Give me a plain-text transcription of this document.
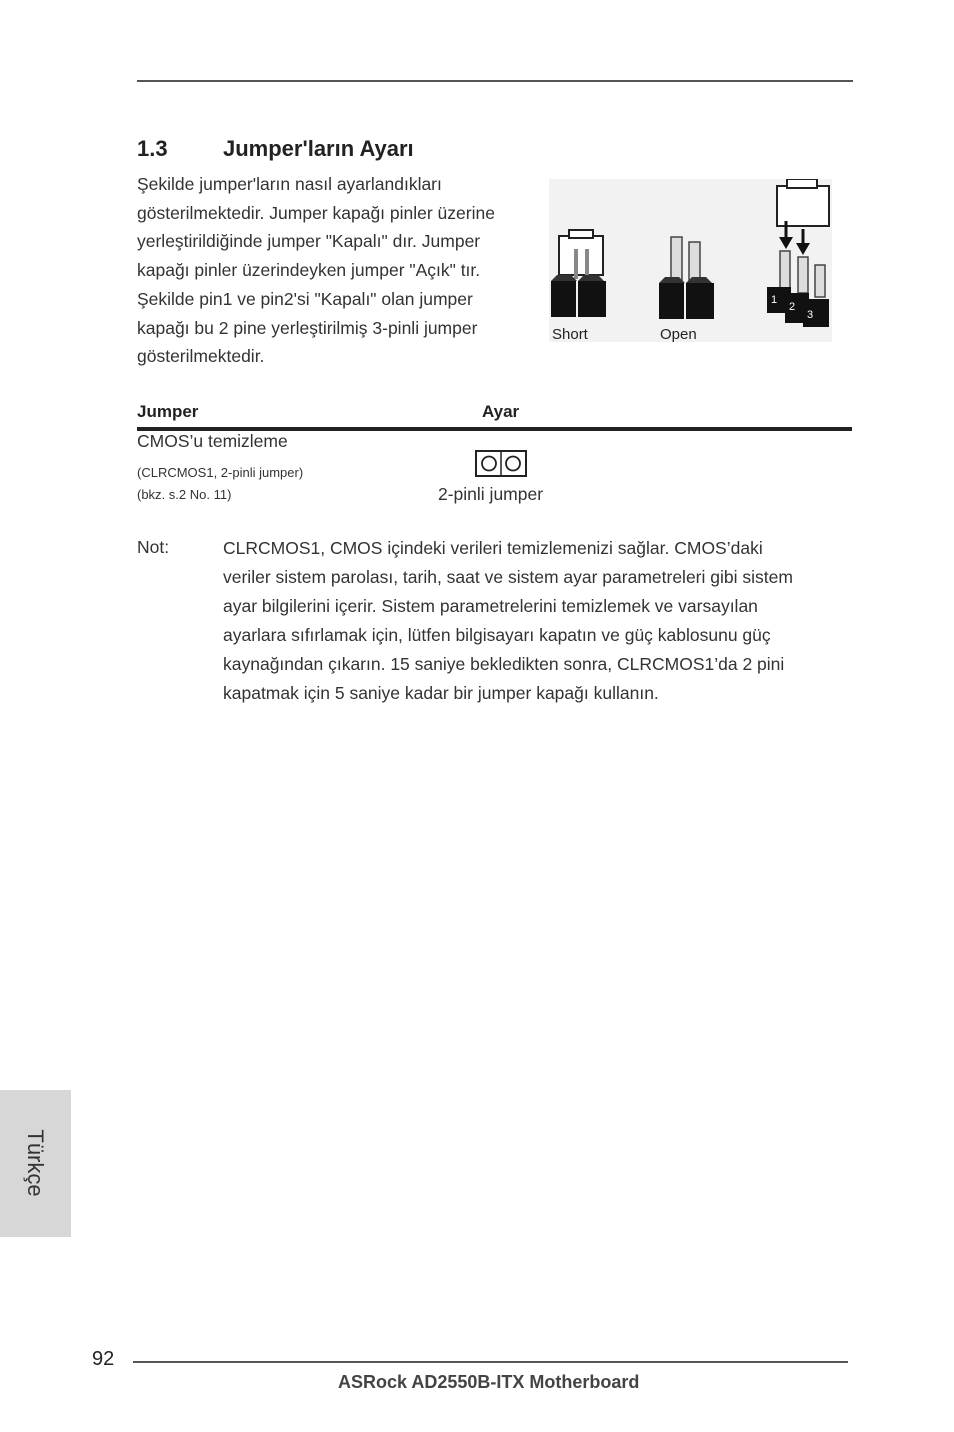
1.3	Jumper'ların Ayarı
Şekilde jumper'ların nasıl ayarlandıkları
gösterilmektedir. Jumper kapağı pinler üzerine
yerleştirildiğinde jumper "Kapalı" dır. Jumper
kapağı pinler üzerindeyken jumper "Açık" tır.
Şekilde pin1 ve pin2'si "Kapalı" olan jumper
kapağı bu 2 pine yerleştirilmiş 3-pinli jumper
gösterilmektedir.
Short	Open
1
2
3
Jumper	Ayar
CMOS’u temizleme
(CLRCMOS1, 2-pinli jumper)
(bkz. s.2 No. 11)	2-pinli jumper
Not:	CLRCMOS1, CMOS içindeki verileri temizlemenizi sağlar. CMOS’daki
veriler sistem parolası, tarih, saat ve sistem ayar parametreleri gibi sistem
ayar bilgilerini içerir. Sistem parametrelerini temizlemek ve varsayılan
ayarlara sıfırlamak için, lütfen bilgisayarı kapatın ve güç kablosunu güç
kaynağından çıkarın. 15 saniye bekledikten sonra, CLRCMOS1’da 2 pini
kapatmak için 5 saniye kadar bir jumper kapağı kullanın.
Türkçe
92
ASRock AD2550B-ITX Motherboard
